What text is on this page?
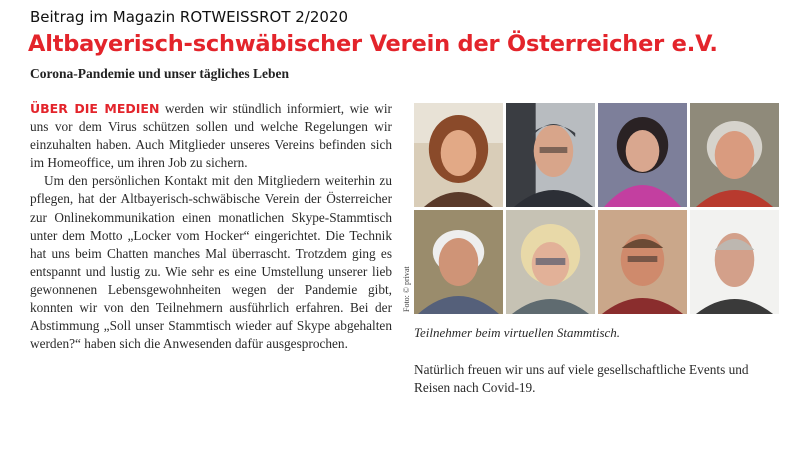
Beitrag im Magazin ROTWEISSROT 2/2020
Altbayerisch-schwäbischer Verein der Österreicher e.V.
Corona-Pandemie und unser tägliches Leben

ÜBER DIE MEDIEN werden wir stündlich informiert, wie wir uns vor dem Virus schützen sollen und welche Regelungen wir einzuhalten haben. Auch Mitglieder unseres Vereins befinden sich im Homeoffice, um ihren Job zu sichern.

Um den persönlichen Kontakt mit den Mitgliedern weiterhin zu pflegen, hat der Altbayerisch-schwäbische Verein der Österreicher zur Onlinekommunikation einen monatlichen Skype-Stammtisch unter dem Motto „Locker vom Hocker“ eingerichtet. Die Technik hat uns beim Chatten manches Mal überrascht. Trotzdem ging es entspannt und lustig zu. Wie sehr es eine Umstellung unserer lieb gewonnenen Lebensgewohnheiten wegen der Pandemie gibt, konnten wir von den Teilnehmern ausführlich erfahren. Bei der Abstimmung „Soll unser Stammtisch wieder auf Skype abgehalten werden?“ haben sich die Anwesenden dafür ausgesprochen.

Foto: © privat

Teilnehmer beim virtuellen Stammtisch.

Natürlich freuen wir uns auf viele gesellschaftliche Events und Reisen nach Covid-19.
